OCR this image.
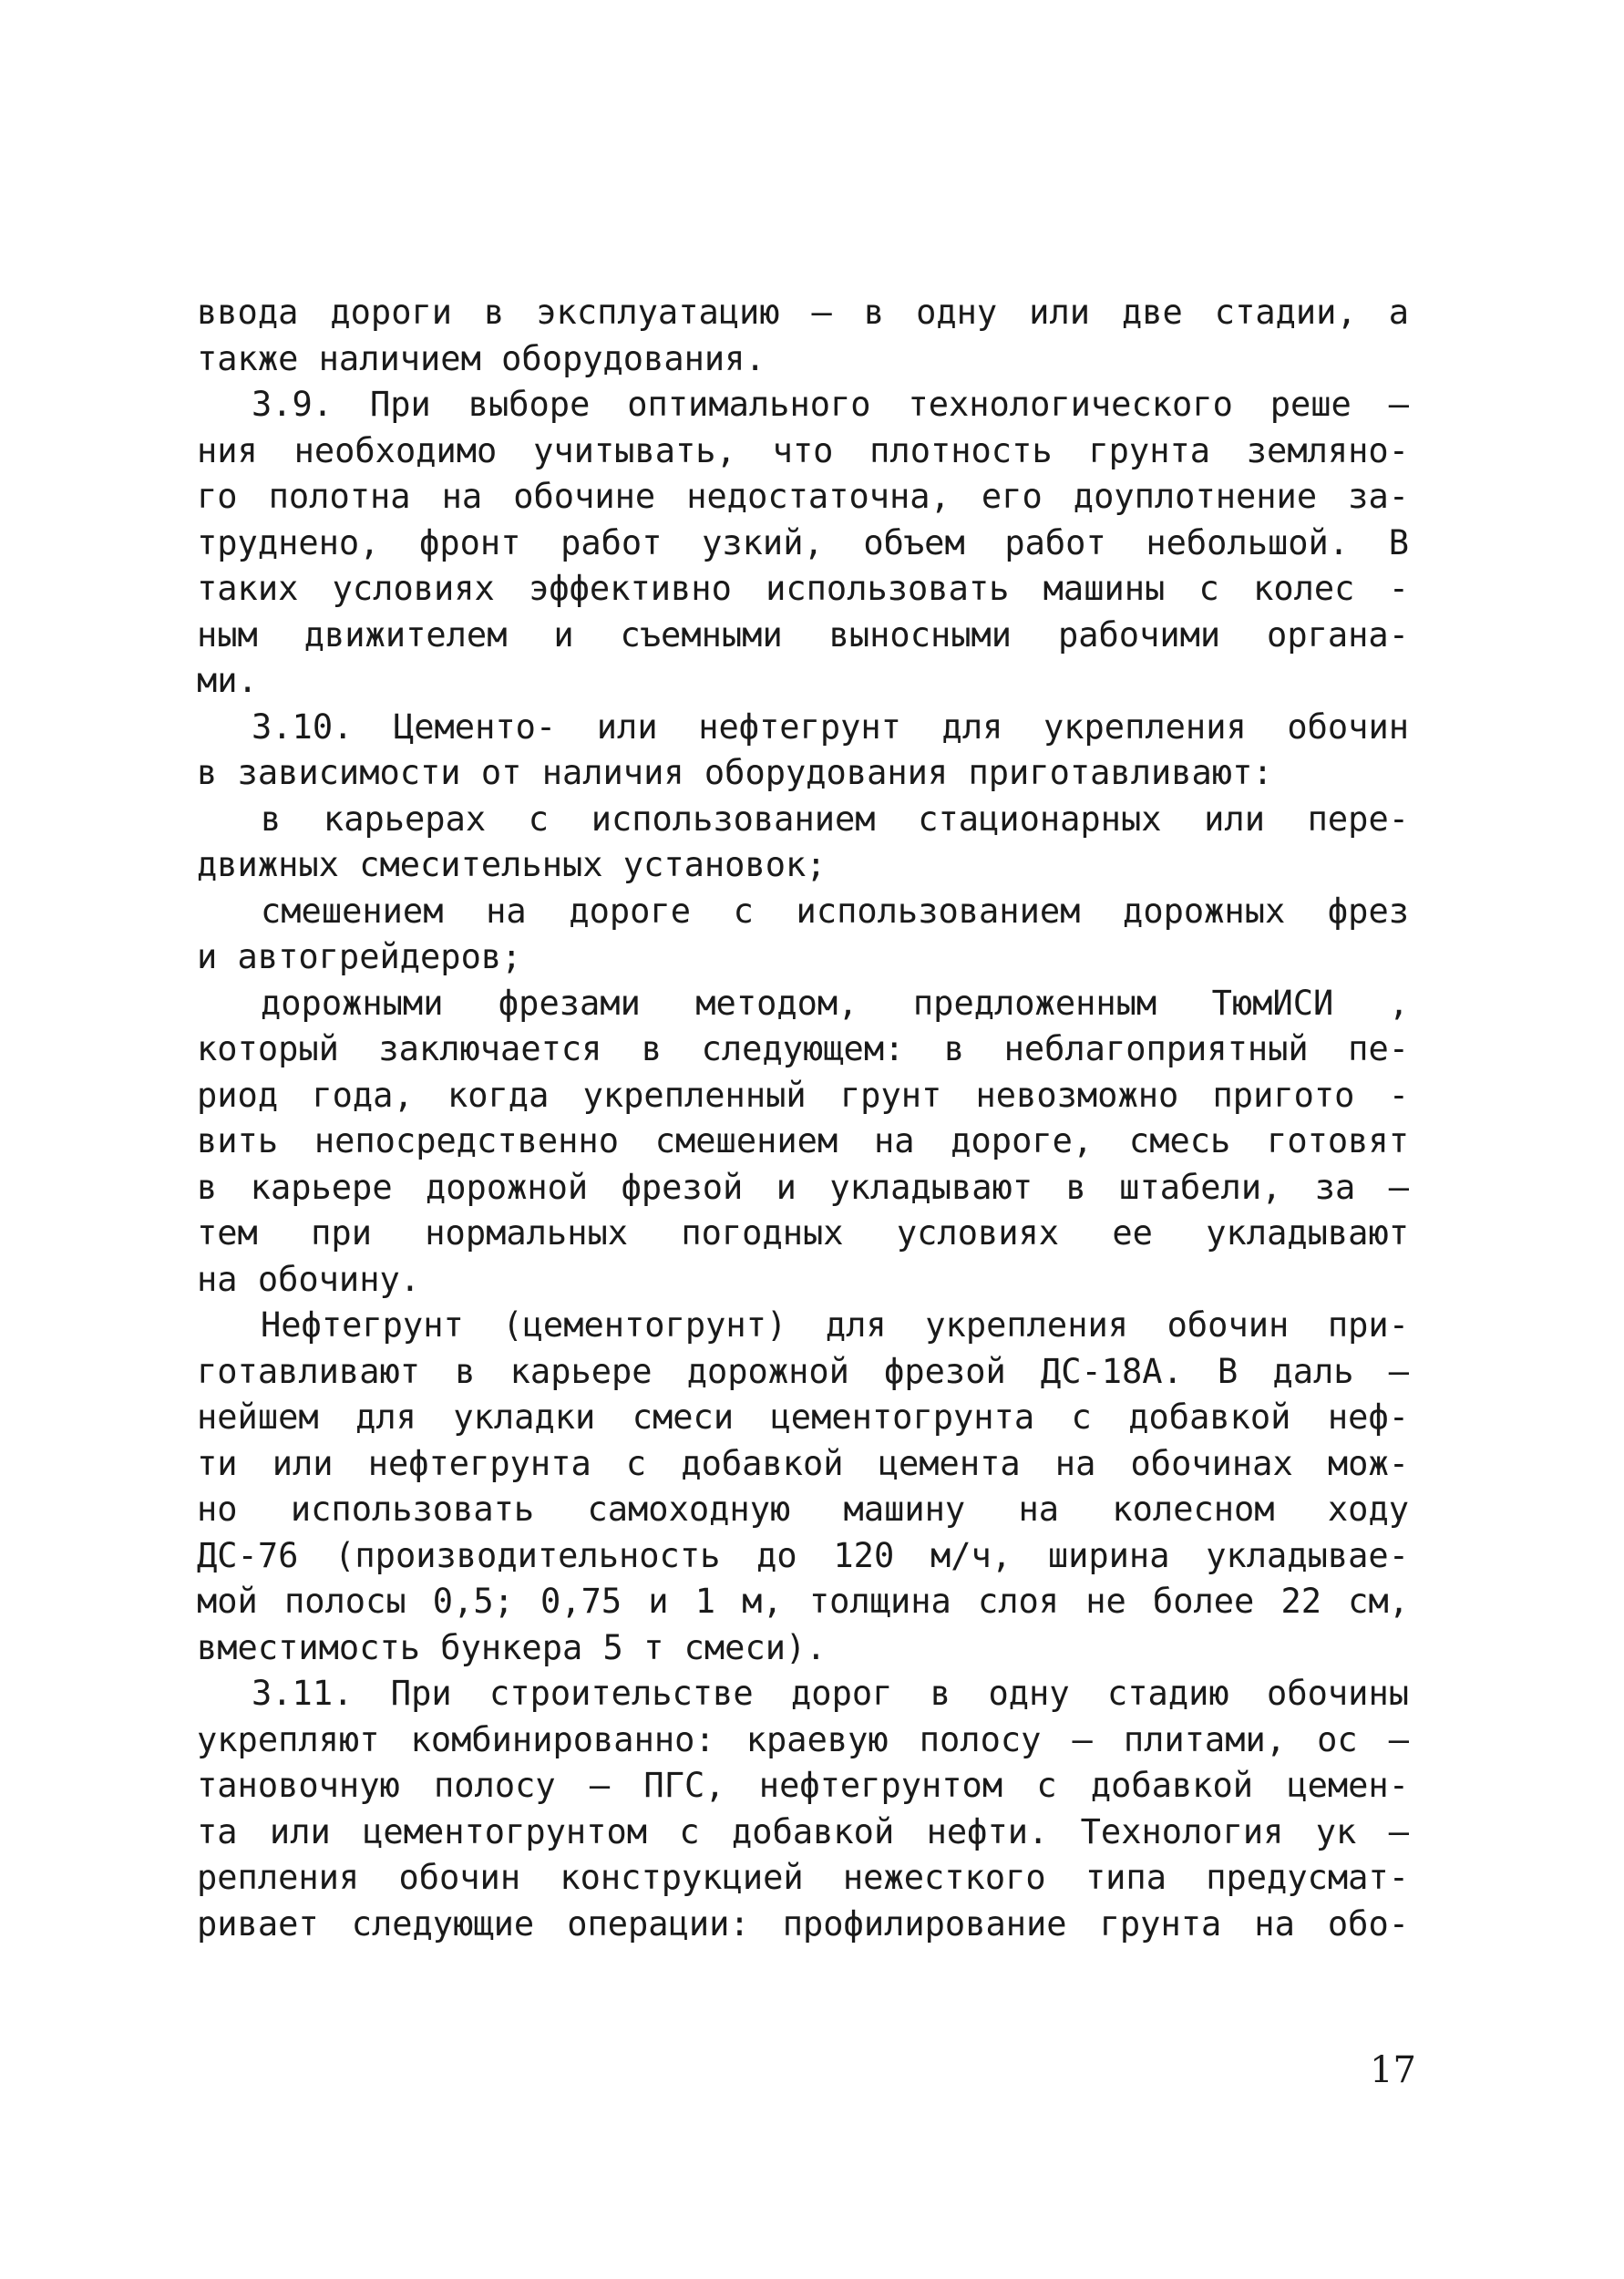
ввода дороги в эксплуатацию – в одну или две стадии, а
также наличием оборудования.
3.9. При выборе оптимального технологического реше –
ния необходимо учитывать, что плотность грунта земляно-
го полотна на обочине недостаточна, его доуплотнение за-
труднено, фронт работ узкий, объем работ небольшой. В
таких условиях эффективно использовать машины с колес -
ным движителем и съемными выносными рабочими органа-
ми.
3.10. Цементо- или нефтегрунт для укрепления обочин
в зависимости от наличия оборудования приготавливают:
в карьерах с использованием стационарных или пере-
движных смесительных установок;
смешением на дороге с использованием дорожных фрез
и автогрейдеров;
дорожными фрезами методом, предложенным ТюмИСИ ,
который заключается в следующем: в неблагоприятный пе-
риод года, когда укрепленный грунт невозможно пригото -
вить непосредственно смешением на дороге, смесь готовят
в карьере дорожной фрезой и укладывают в штабели, за –
тем при нормальных погодных условиях ее укладывают
на обочину.
Нефтегрунт (цементогрунт) для укрепления обочин при-
готавливают в карьере дорожной фрезой ДС-18А. В даль –
нейшем для укладки смеси цементогрунта с добавкой неф-
ти или нефтегрунта с добавкой цемента на обочинах мож-
но использовать самоходную машину на колесном ходу
ДС-76 (производительность до 120 м/ч, ширина укладывае-
мой полосы 0,5; 0,75 и 1 м, толщина слоя не более 22 см,
вместимость бункера 5 т смеси).
3.11. При строительстве дорог в одну стадию обочины
укрепляют комбинированно: краевую полосу – плитами, ос –
тановочную полосу – ПГС, нефтегрунтом с добавкой цемен-
та или цементогрунтом с добавкой нефти. Технология ук –
репления обочин конструкцией нежесткого типа предусмат-
ривает следующие операции: профилирование грунта на обо-
17
